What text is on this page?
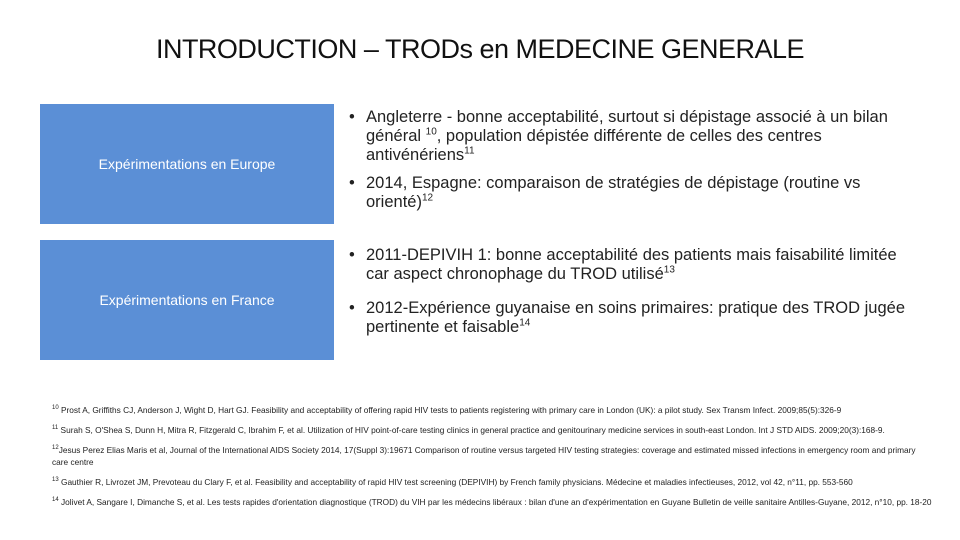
INTRODUCTION – TRODs en MEDECINE GENERALE
Expérimentations en Europe
• Angleterre - bonne acceptabilité, surtout si dépistage associé à un bilan général $^{10}$, population dépistée différente de celles des centres antivénériens$^{11}$
• 2014, Espagne: comparaison de stratégies de dépistage (routine vs orienté)$^{12}$
Expérimentations en France
• 2011-DEPIVIH 1: bonne acceptabilité des patients mais faisabilité limitée car aspect chronophage du TROD utilisé$^{13}$
• 2012-Expérience guyanaise en soins primaires: pratique des TROD jugée pertinente et faisable$^{14}$
$^{10}$ Prost A, Griffiths CJ, Anderson J, Wight D, Hart GJ. Feasibility and acceptability of offering rapid HIV tests to patients registering with primary care in London (UK): a pilot study. Sex Transm Infect. 2009;85(5):326-9
$^{11}$ Surah S, O'Shea S, Dunn H, Mitra R, Fitzgerald C, Ibrahim F, et al. Utilization of HIV point-of-care testing clinics in general practice and genitourinary medicine services in south-east London. Int J STD AIDS. 2009;20(3):168-9.
$^{12}$Jesus Perez Elias Maris et al, Journal of the International AIDS Society 2014, 17(Suppl 3):19671 Comparison of routine versus targeted HIV testing strategies: coverage and estimated missed infections in emergency room and primary care centre
$^{13}$ Gauthier R, Livrozet JM, Prevoteau du Clary F, et al. Feasibility and acceptability of rapid HIV test screening (DEPIVIH) by French family physicians. Médecine et maladies infectieuses, 2012, vol 42, n°11, pp. 553-560
$^{14}$ Jolivet A, Sangare I, Dimanche S, et al. Les tests rapides d'orientation diagnostique (TROD) du VIH par les médecins libéraux : bilan d'une an d'expérimentation en Guyane Bulletin de veille sanitaire Antilles-Guyane, 2012, n°10, pp. 18-20
